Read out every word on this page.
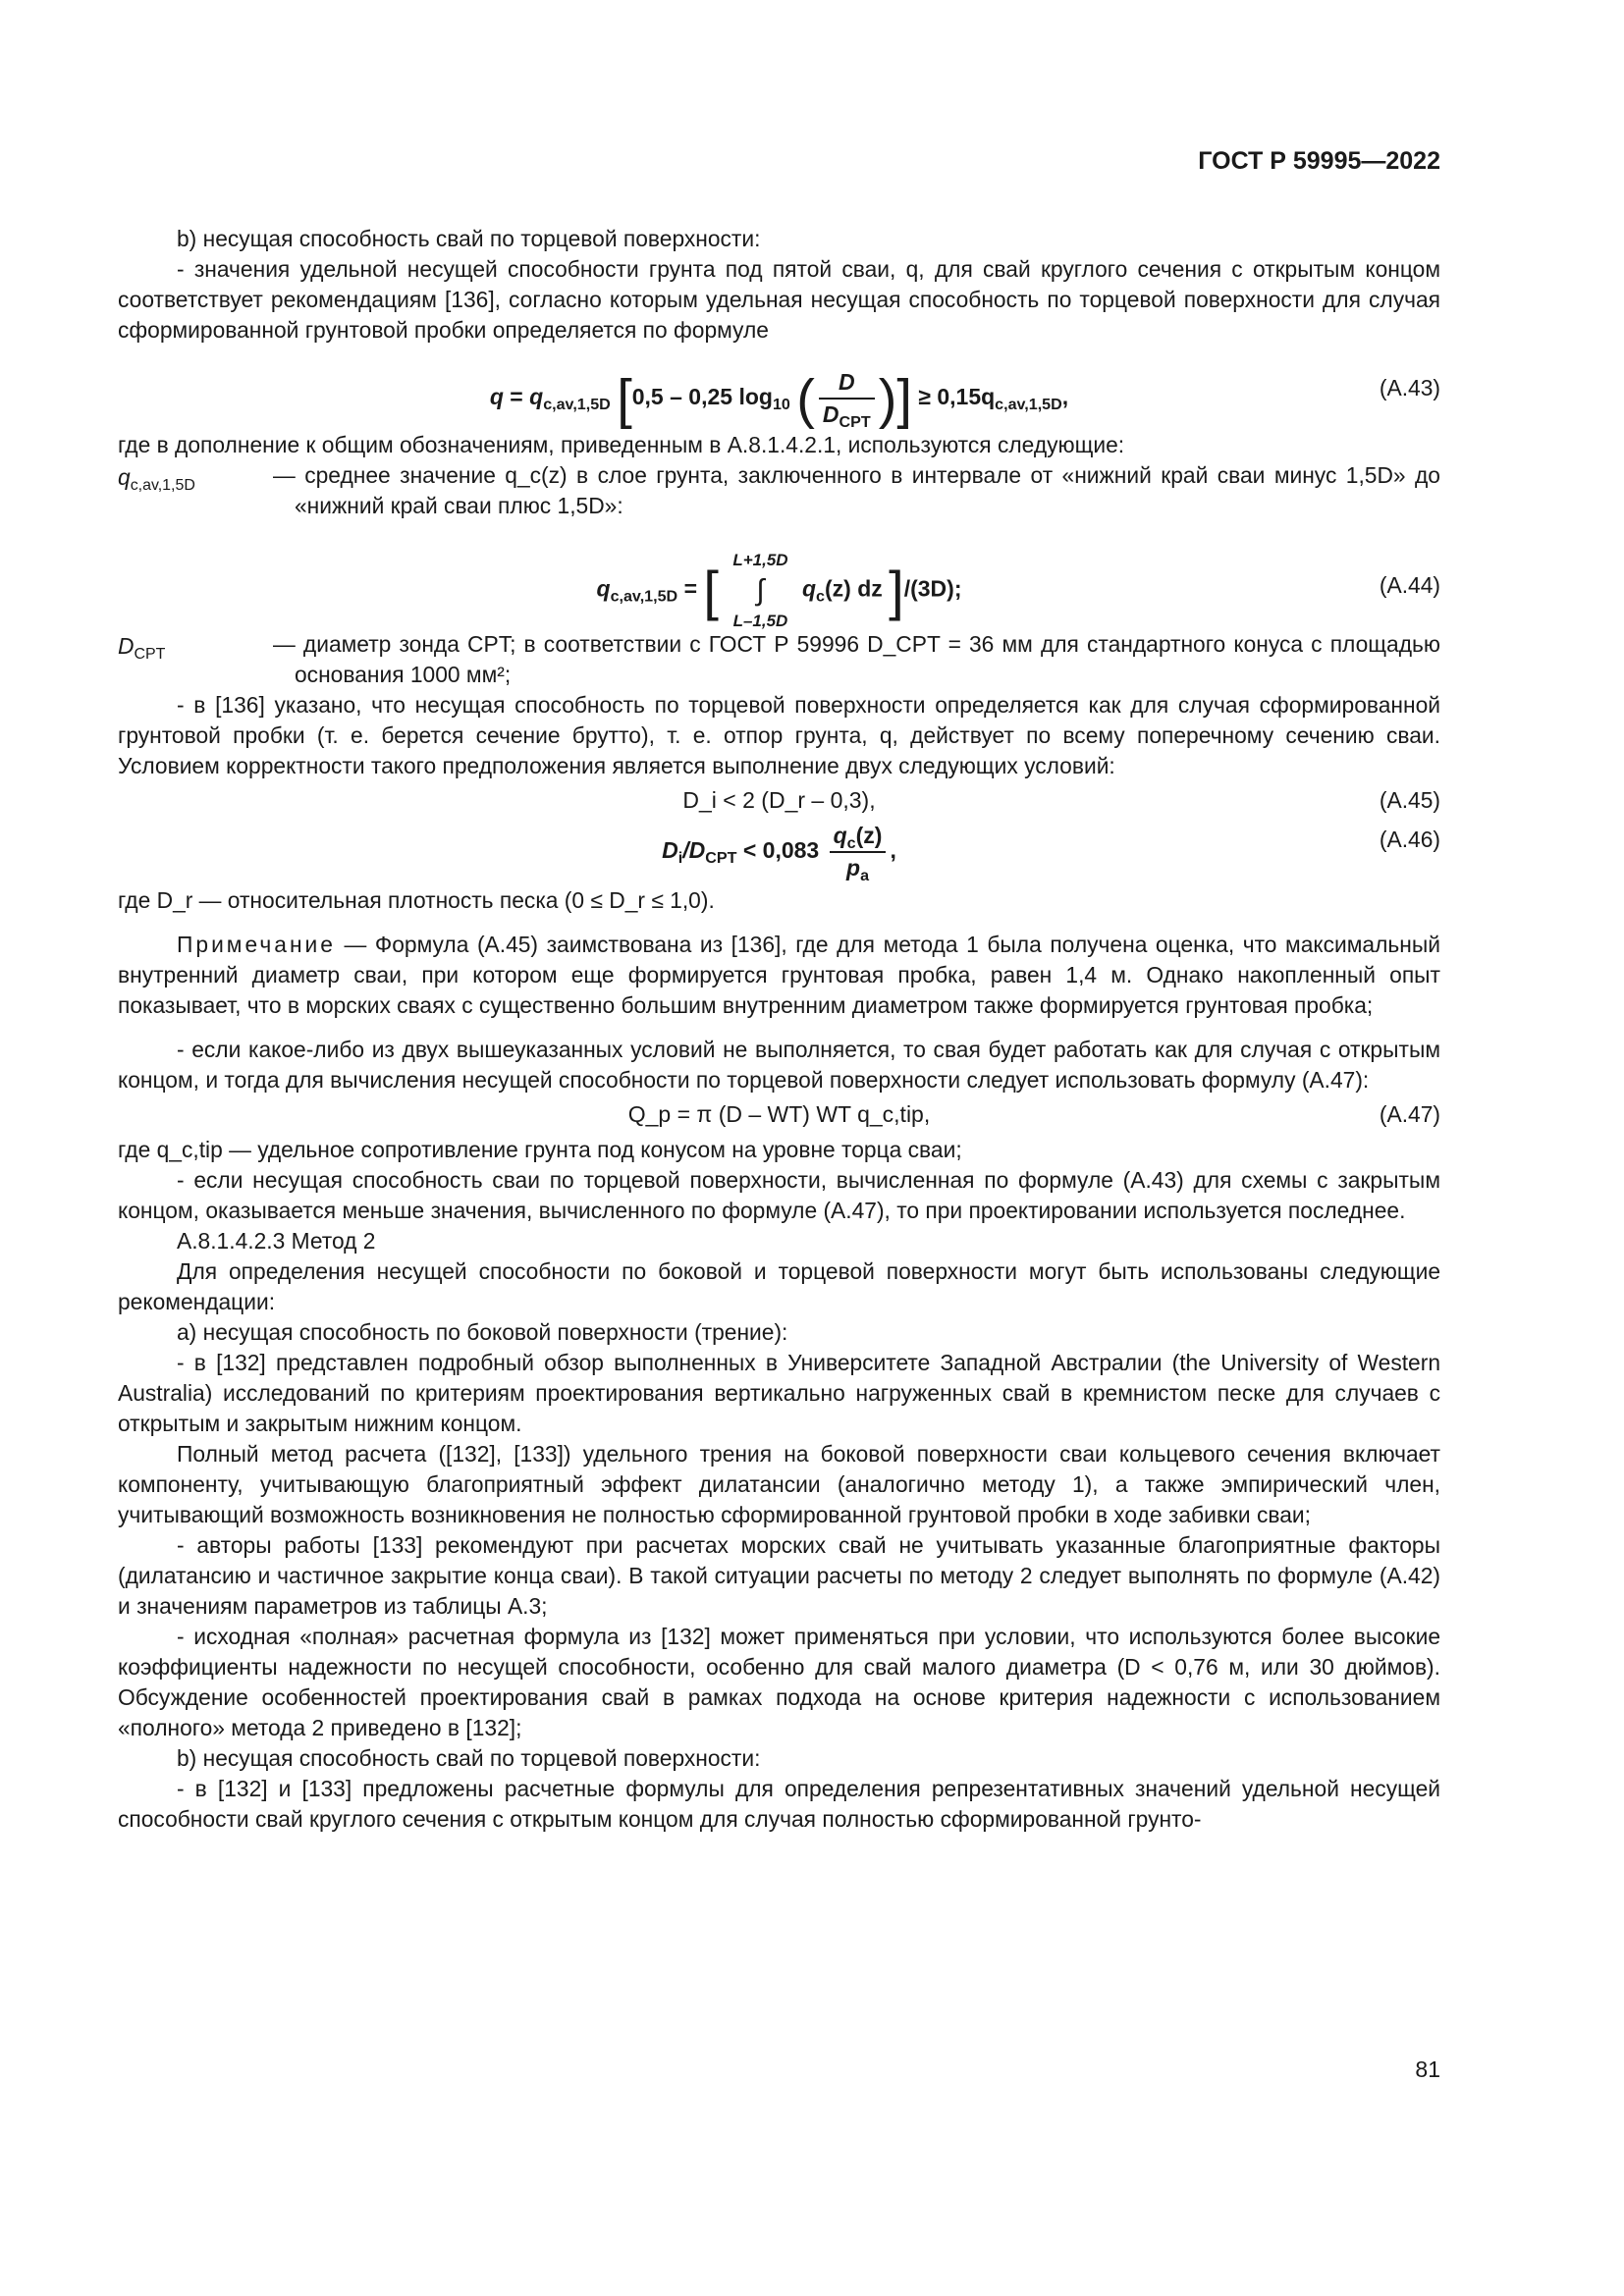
ГОСТ Р 59995—2022

b) несущая способность свай по торцевой поверхности:

- значения удельной несущей способности грунта под пятой сваи, q, для свай круглого сечения с открытым концом соответствует рекомендациям [136], согласно которым удельная несущая способность по торцевой поверхности для случая сформированной грунтовой пробки определяется по формуле

$q = q_{c,av,1,5D}$ [0,5 – 0,25 $\log_{10}$ ( $\frac{D}{D_{CPT}}$ )] ≥ $0,15q_{c,av,1,5D}$,	(А.43)

где в дополнение к общим обозначениям, приведенным в А.8.1.4.2.1, используются следующие:

$q_{c,av,1,5D}$	— среднее значение q_c(z) в слое грунта, заключенного в интервале от «нижний край сваи минус 1,5D» до «нижний край сваи плюс 1,5D»:
$q_{c,av,1,5D}$ = [ L+1,5D
∫
L–1,5D
$q_c(z)$ dz ]/(3D);	(А.44)
$D_{CPT}$	— диаметр зонда CPT; в соответствии с ГОСТ Р 59996 D_CPT = 36 мм для стандартного конуса с площадью основания 1000 мм²;

- в [136] указано, что несущая способность по торцевой поверхности определяется как для случая сформированной грунтовой пробки (т. е. берется сечение брутто), т. е. отпор грунта, q, действует по всему поперечному сечению сваи. Условием корректности такого предположения является выполнение двух следующих условий:

D_i < 2 (D_r – 0,3),	(А.45)
$D_i/D_{CPT} < 0,083 \frac{q_c(z)}{p_a}$ ,	(А.46)

где D_r — относительная плотность песка (0 ≤ D_r ≤ 1,0).

Примечание — Формула (А.45) заимствована из [136], где для метода 1 была получена оценка, что максимальный внутренний диаметр сваи, при котором еще формируется грунтовая пробка, равен 1,4 м. Однако накопленный опыт показывает, что в морских сваях с существенно большим внутренним диаметром также формируется грунтовая пробка;

- если какое-либо из двух вышеуказанных условий не выполняется, то свая будет работать как для случая с открытым концом, и тогда для вычисления несущей способности по торцевой поверхности следует использовать формулу (А.47):

Q_p = π (D – WT) WT q_c,tip,	(А.47)

где q_c,tip — удельное сопротивление грунта под конусом на уровне торца сваи;

- если несущая способность сваи по торцевой поверхности, вычисленная по формуле (А.43) для схемы с закрытым концом, оказывается меньше значения, вычисленного по формуле (А.47), то при проектировании используется последнее.

А.8.1.4.2.3 Метод 2

Для определения несущей способности по боковой и торцевой поверхности могут быть использованы следующие рекомендации:

а) несущая способность по боковой поверхности (трение):

- в [132] представлен подробный обзор выполненных в Университете Западной Австралии (the University of Western Australia) исследований по критериям проектирования вертикально нагруженных свай в кремнистом песке для случаев с открытым и закрытым нижним концом.

Полный метод расчета ([132], [133]) удельного трения на боковой поверхности сваи кольцевого сечения включает компоненту, учитывающую благоприятный эффект дилатансии (аналогично методу 1), а также эмпирический член, учитывающий возможность возникновения не полностью сформированной грунтовой пробки в ходе забивки сваи;

- авторы работы [133] рекомендуют при расчетах морских свай не учитывать указанные благоприятные факторы (дилатансию и частичное закрытие конца сваи). В такой ситуации расчеты по методу 2 следует выполнять по формуле (А.42) и значениям параметров из таблицы А.3;

- исходная «полная» расчетная формула из [132] может применяться при условии, что используются более высокие коэффициенты надежности по несущей способности, особенно для свай малого диаметра (D < 0,76 м, или 30 дюймов). Обсуждение особенностей проектирования свай в рамках подхода на основе критерия надежности с использованием «полного» метода 2 приведено в [132];

b) несущая способность свай по торцевой поверхности:

- в [132] и [133] предложены расчетные формулы для определения репрезентативных значений удельной несущей способности свай круглого сечения с открытым концом для случая полностью сформированной грунто-

81
